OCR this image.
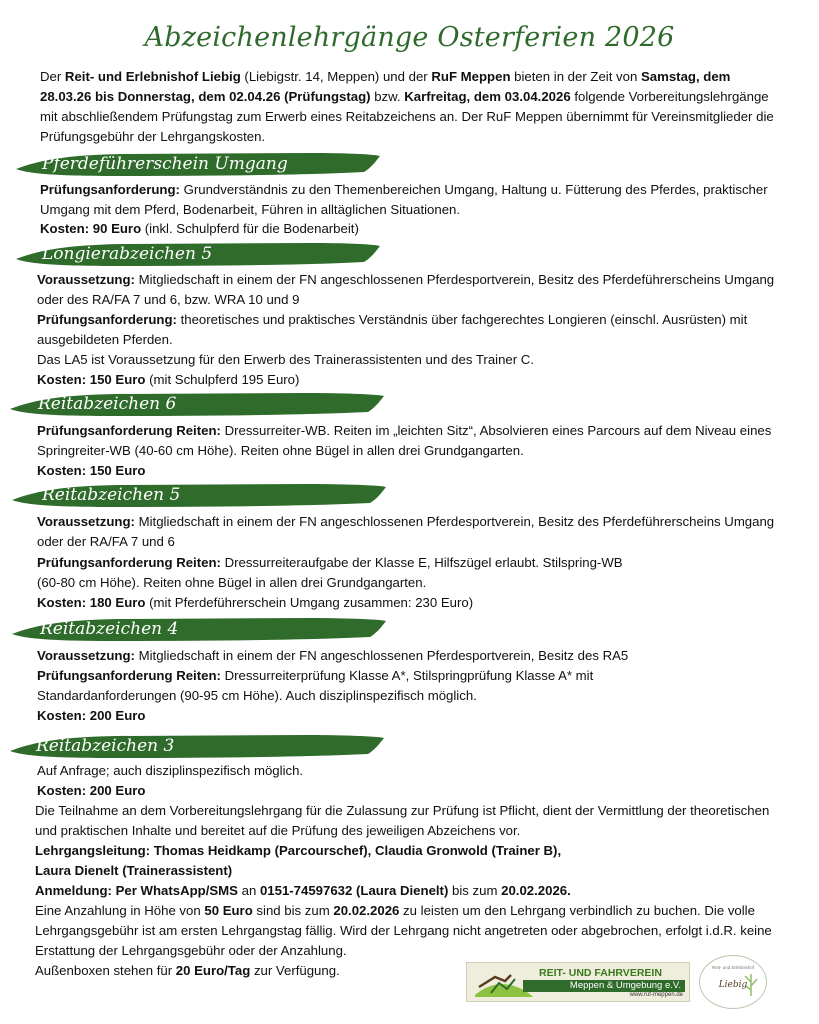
Abzeichenlehrgänge Osterferien 2026
Der Reit- und Erlebnishof Liebig (Liebigstr. 14, Meppen) und der RuF Meppen bieten in der Zeit von Samstag, dem 28.03.26 bis Donnerstag, dem 02.04.26 (Prüfungstag) bzw. Karfreitag, dem 03.04.2026 folgende Vorbereitungslehrgänge mit abschließendem Prüfungstag zum Erwerb eines Reitabzeichens an. Der RuF Meppen übernimmt für Vereinsmitglieder die Prüfungsgebühr der Lehrgangskosten.
Pferdeführerschein Umgang
Prüfungsanforderung: Grundverständnis zu den Themenbereichen Umgang, Haltung u. Fütterung des Pferdes, praktischer Umgang mit dem Pferd, Bodenarbeit, Führen in alltäglichen Situationen.
Kosten: 90 Euro (inkl. Schulpferd für die Bodenarbeit)
Longierabzeichen 5
Voraussetzung: Mitgliedschaft in einem der FN angeschlossenen Pferdesportverein, Besitz des Pferdeführerscheins Umgang oder des RA/FA 7 und 6, bzw. WRA 10 und 9
Prüfungsanforderung: theoretisches und praktisches Verständnis über fachgerechtes Longieren (einschl. Ausrüsten) mit ausgebildeten Pferden.
Das LA5 ist Voraussetzung für den Erwerb des Trainerassistenten und des Trainer C.
Kosten: 150 Euro (mit Schulpferd 195 Euro)
Reitabzeichen 6
Prüfungsanforderung Reiten: Dressurreiter-WB. Reiten im „leichten Sitz“, Absolvieren eines Parcours auf dem Niveau eines Springreiter-WB (40-60 cm Höhe). Reiten ohne Bügel in allen drei Grundgangarten.
Kosten: 150 Euro
Reitabzeichen 5
Voraussetzung: Mitgliedschaft in einem der FN angeschlossenen Pferdesportverein, Besitz des Pferdeführerscheins Umgang oder der RA/FA 7 und 6
Prüfungsanforderung Reiten: Dressurreiteraufgabe der Klasse E, Hilfszügel erlaubt. Stilspring-WB
(60-80 cm Höhe). Reiten ohne Bügel in allen drei Grundgangarten.
Kosten: 180 Euro (mit Pferdeführerschein Umgang zusammen: 230 Euro)
Reitabzeichen 4
Voraussetzung: Mitgliedschaft in einem der FN angeschlossenen Pferdesportverein, Besitz des RA5
Prüfungsanforderung Reiten: Dressurreiterprüfung Klasse A*, Stilspringprüfung Klasse A* mit Standardanforderungen (90-95 cm Höhe). Auch disziplinspezifisch möglich.
Kosten: 200 Euro
Reitabzeichen 3
Auf Anfrage; auch disziplinspezifisch möglich.
Kosten: 200 Euro
Die Teilnahme an dem Vorbereitungslehrgang für die Zulassung zur Prüfung ist Pflicht, dient der Vermittlung der theoretischen und praktischen Inhalte und bereitet auf die Prüfung des jeweiligen Abzeichens vor.
Lehrgangsleitung: Thomas Heidkamp (Parcourschef), Claudia Gronwold (Trainer B),
Laura Dienelt (Trainerassistent)
Anmeldung: Per WhatsApp/SMS an 0151-74597632 (Laura Dienelt) bis zum 20.02.2026.
Eine Anzahlung in Höhe von 50 Euro sind bis zum 20.02.2026 zu leisten um den Lehrgang verbindlich zu buchen. Die volle Lehrgangsgebühr ist am ersten Lehrgangstag fällig. Wird der Lehrgang nicht angetreten oder abgebrochen, erfolgt i.d.R. keine Erstattung der Lehrgangsgebühr oder der Anzahlung.
Außenboxen stehen für 20 Euro/Tag zur Verfügung.	REIT- UND FAHRVEREIN
Meppen & Umgebung e.V.
www.ruf-meppen.de
Reit- und Erlebnishof
Liebig
